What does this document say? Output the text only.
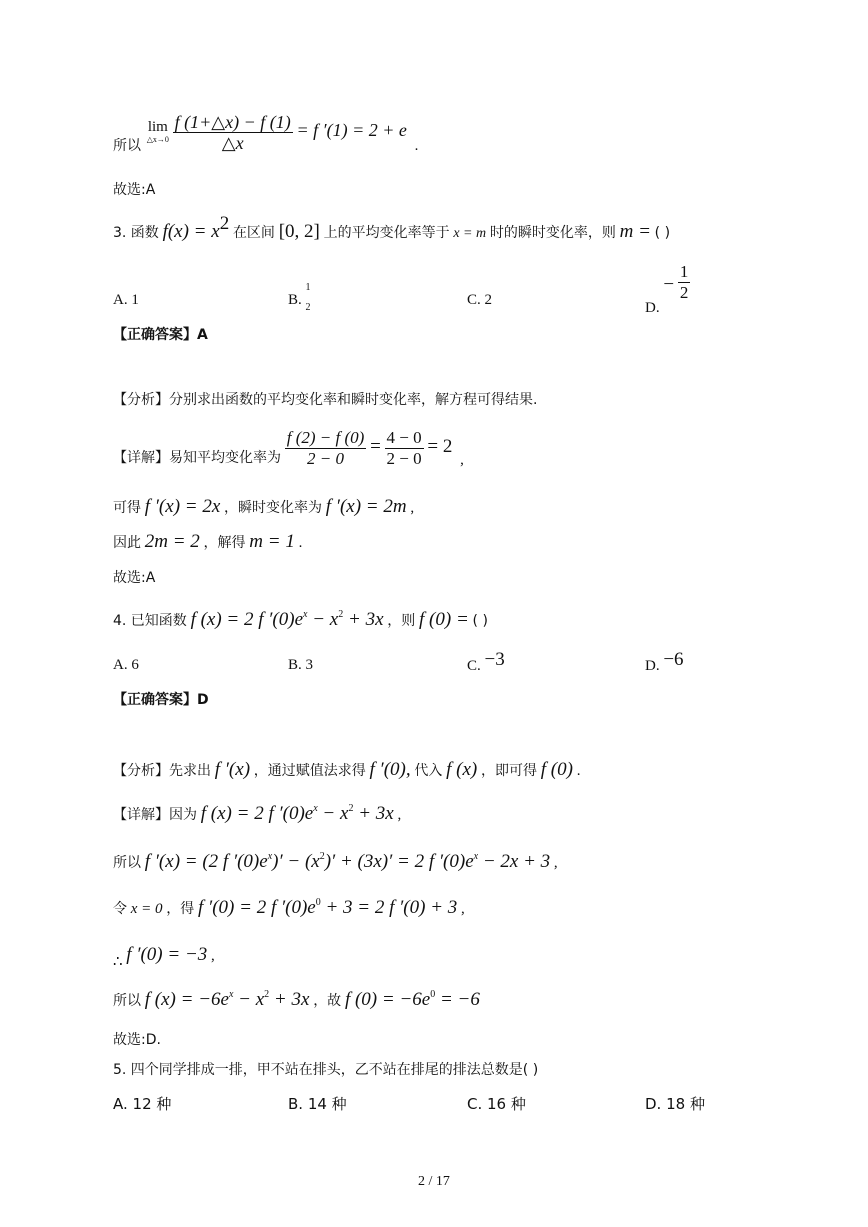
所以
lim
△x→0
$\frac{f (1+\triangle x) - f (1)}{\triangle x} = f$ ′(1) = 2 + e .
故选:A
3. 函数 $f(x) = x^2$ 在区间 [0, 2] 上的平均变化率等于 x = m 时的瞬时变化率，则 m = ( )
A. 1	B.
1
2	C. 2	D. − $\frac{1}{2}$
【正确答案】A
【分析】分别求出函数的平均变化率和瞬时变化率，解方程可得结果.
【详解】易知平均变化率为 $\frac{f (2) - f (0)}{2 - 0} = \frac{4 - 0}{2 - 0} = 2$ ,
可得 f ′(x) = 2x ，瞬时变化率为 f ′(x) = 2m ,
因此 2m = 2 ，解得 m = 1 .
故选:A
4. 已知函数 f (x) = 2 f $'(0)e^x - x^2 + 3x$ ，则 f (0) = ( )
A. 6	B. 3	C. −3	D. −6
【正确答案】D
【分析】先求出 f ′(x) ，通过赋值法求得 f ′(0), 代入 f (x) ，即可得 f (0) .
【详解】因为 f (x) = 2 f $'(0)e^x - x^2 + 3x$ ,
所以 f ′(x) = (2 f $'(0)e^x)' - (x^2)' + (3x)' = 2$ f $'(0)e^x - 2x + 3$ ,
令 x = 0 ，得 f ′(0) = 2 f $'(0)e^0 + 3 = 2$ f ′(0) + 3 ,
∴ f ′(0) = −3 ,
所以 f $(x) = -6e^x - x^2 + 3x$ ，故 f $(0) = -6e^0 = -6$
故选:D.
5. 四个同学排成一排，甲不站在排头，乙不站在排尾的排法总数是( )
A. 12 种	B. 14 种	C. 16 种	D. 18 种
2 / 17
